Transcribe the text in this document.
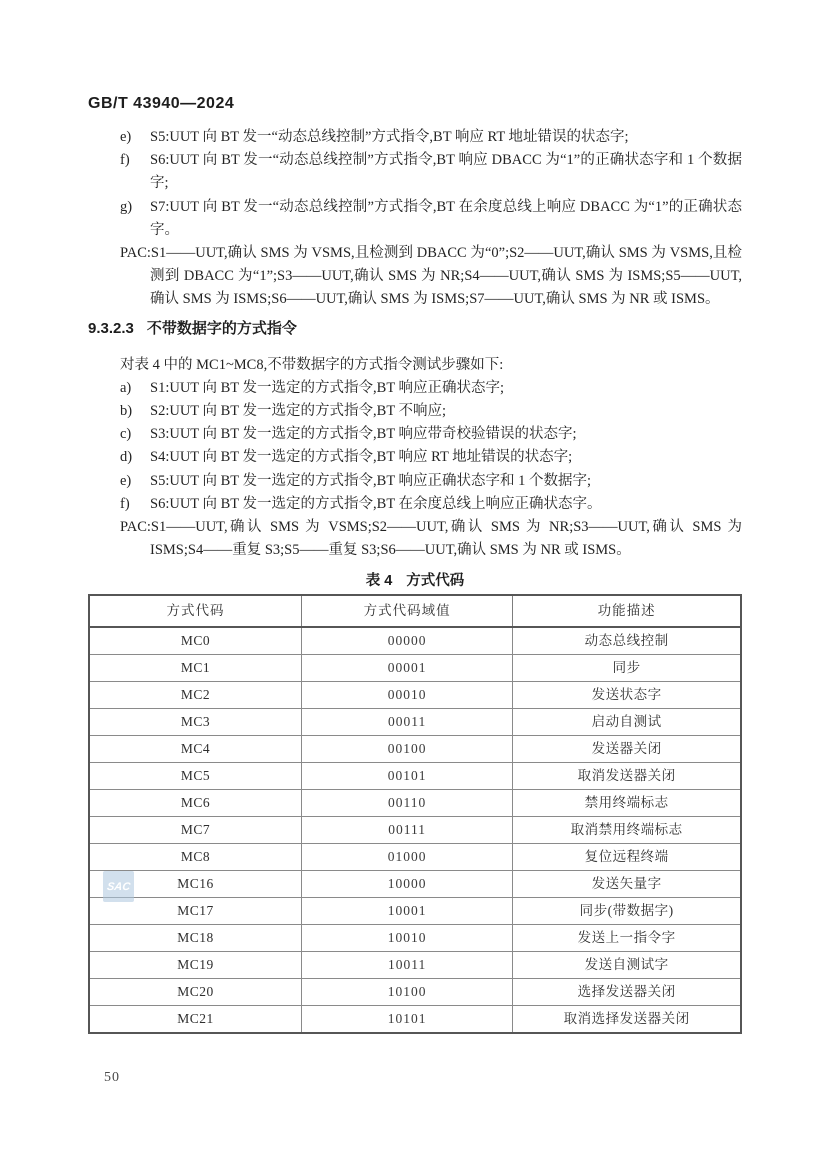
GB/T 43940—2024
e) S5:UUT 向 BT 发一“动态总线控制”方式指令,BT 响应 RT 地址错误的状态字;
f) S6:UUT 向 BT 发一“动态总线控制”方式指令,BT 响应 DBACC 为“1”的正确状态字和 1 个数据字;
g) S7:UUT 向 BT 发一“动态总线控制”方式指令,BT 在余度总线上响应 DBACC 为“1”的正确状态字。
PAC:S1——UUT,确认 SMS 为 VSMS,且检测到 DBACC 为“0”;S2——UUT,确认 SMS 为 VSMS,且检测到 DBACC 为“1”;S3——UUT,确认 SMS 为 NR;S4——UUT,确认 SMS 为 ISMS;S5——UUT,确认 SMS 为 ISMS;S6——UUT,确认 SMS 为 ISMS;S7——UUT,确认 SMS 为 NR 或 ISMS。
9.3.2.3 不带数据字的方式指令
对表 4 中的 MC1~MC8,不带数据字的方式指令测试步骤如下:
a) S1:UUT 向 BT 发一选定的方式指令,BT 响应正确状态字;
b) S2:UUT 向 BT 发一选定的方式指令,BT 不响应;
c) S3:UUT 向 BT 发一选定的方式指令,BT 响应带奇校验错误的状态字;
d) S4:UUT 向 BT 发一选定的方式指令,BT 响应 RT 地址错误的状态字;
e) S5:UUT 向 BT 发一选定的方式指令,BT 响应正确状态字和 1 个数据字;
f) S6:UUT 向 BT 发一选定的方式指令,BT 在余度总线上响应正确状态字。
PAC:S1——UUT,确认 SMS 为 VSMS;S2——UUT,确认 SMS 为 NR;S3——UUT,确认 SMS 为 ISMS;S4——重复 S3;S5——重复 S3;S6——UUT,确认 SMS 为 NR 或 ISMS。
表 4 方式代码
方式代码	方式代码域值	功能描述
MC0	00000	动态总线控制
MC1	00001	同步
MC2	00010	发送状态字
MC3	00011	启动自测试
MC4	00100	发送器关闭
MC5	00101	取消发送器关闭
MC6	00110	禁用终端标志
MC7	00111	取消禁用终端标志
MC8	01000	复位远程终端
MC16	10000	发送矢量字
MC17	10001	同步(带数据字)
MC18	10010	发送上一指令字
MC19	10011	发送自测试字
MC20	10100	选择发送器关闭
MC21	10101	取消选择发送器关闭
SAC
50
